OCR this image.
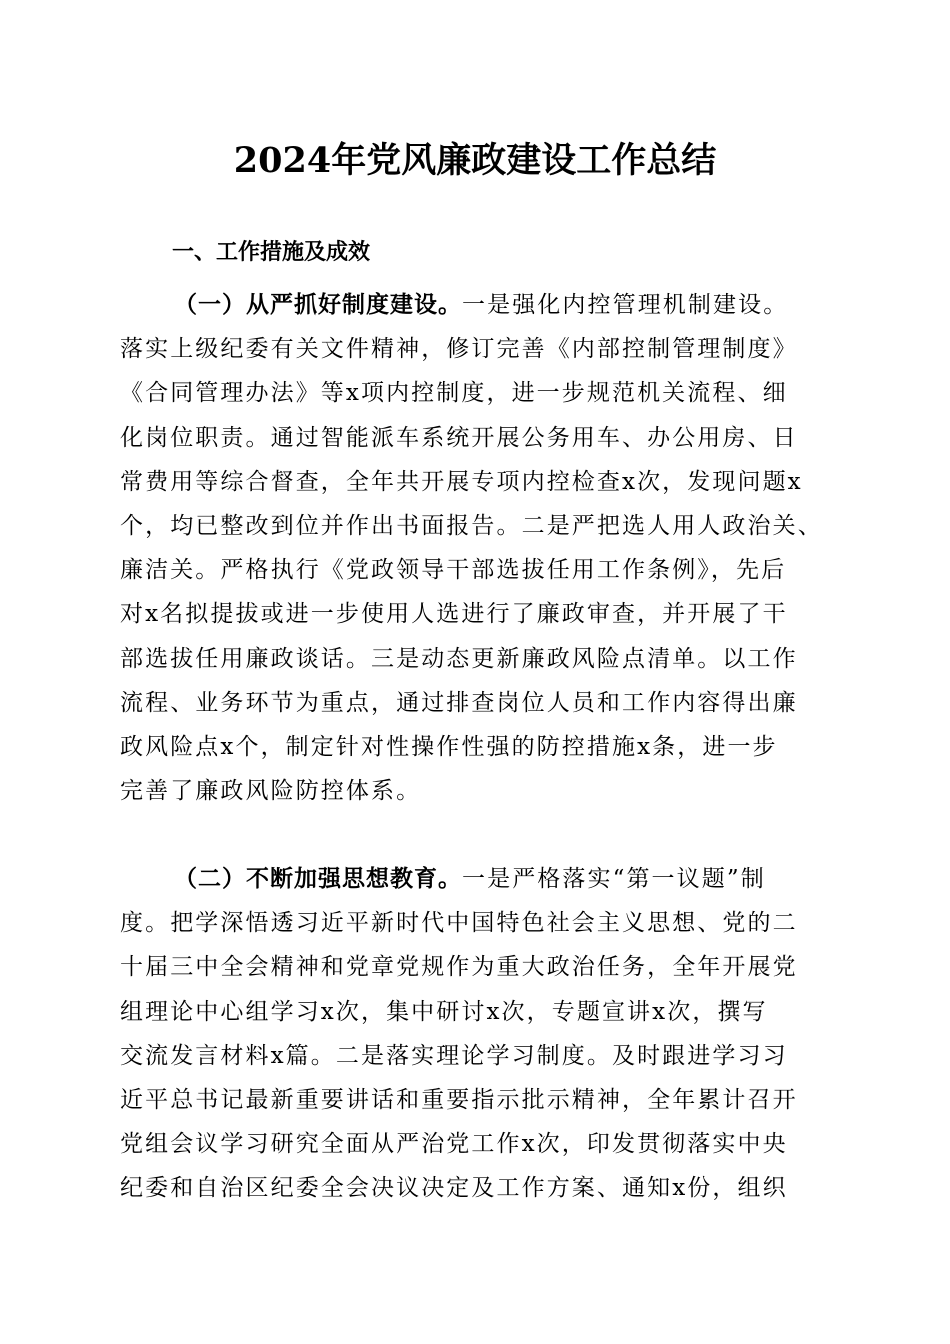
2024年党风廉政建设工作总结
一、工作措施及成效
（一）从严抓好制度建设。一是强化内控管理机制建设。
落实上级纪委有关文件精神，修订完善《内部控制管理制度》
《合同管理办法》等x项内控制度，进一步规范机关流程、细
化岗位职责。通过智能派车系统开展公务用车、办公用房、日
常费用等综合督查，全年共开展专项内控检查x次，发现问题x
个，均已整改到位并作出书面报告。二是严把选人用人政治关、
廉洁关。严格执行《党政领导干部选拔任用工作条例》，先后
对x名拟提拔或进一步使用人选进行了廉政审查，并开展了干
部选拔任用廉政谈话。三是动态更新廉政风险点清单。以工作
流程、业务环节为重点，通过排查岗位人员和工作内容得出廉
政风险点x个，制定针对性操作性强的防控措施x条，进一步
完善了廉政风险防控体系。
（二）不断加强思想教育。一是严格落实“第一议题”制
度。把学深悟透习近平新时代中国特色社会主义思想、党的二
十届三中全会精神和党章党规作为重大政治任务，全年开展党
组理论中心组学习x次，集中研讨x次，专题宣讲x次，撰写
交流发言材料x篇。二是落实理论学习制度。及时跟进学习习
近平总书记最新重要讲话和重要指示批示精神，全年累计召开
党组会议学习研究全面从严治党工作x次，印发贯彻落实中央
纪委和自治区纪委全会决议决定及工作方案、通知x份，组织
